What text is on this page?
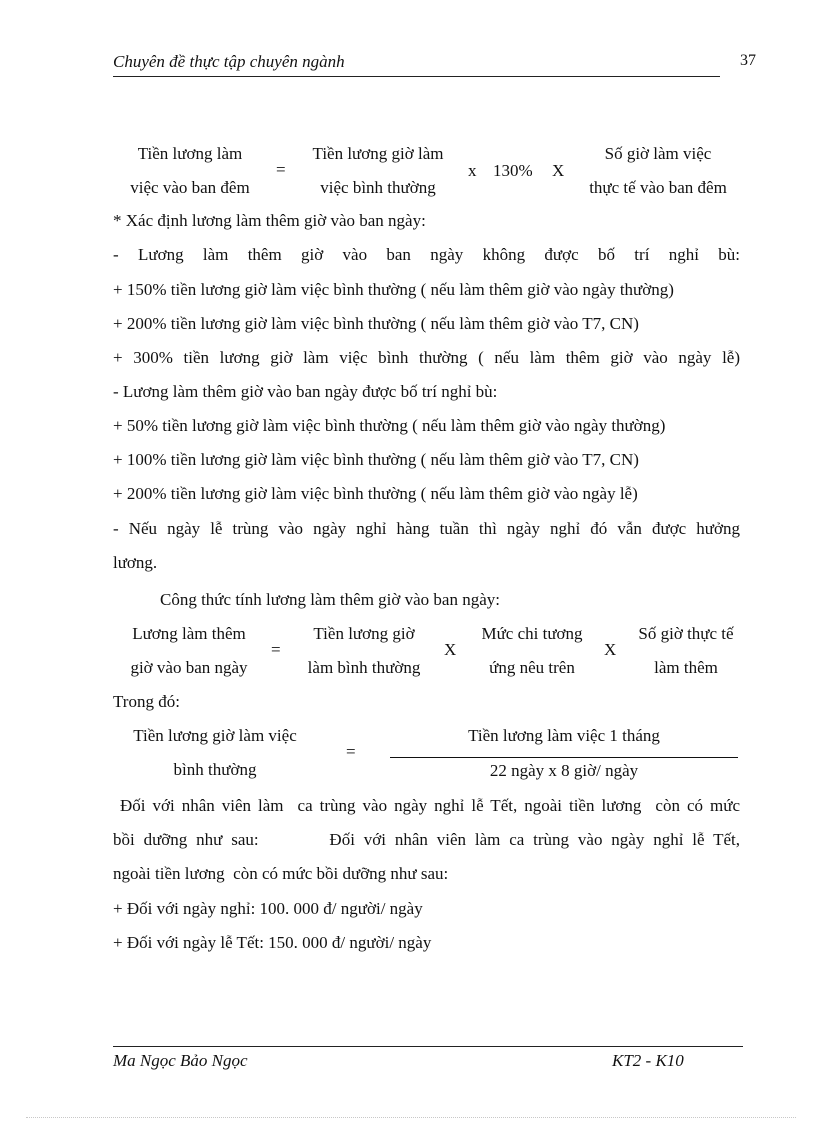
Chuyên đề thực tập chuyên ngành	37
Tiền lương làm
việc vào ban đêm
=
Tiền lương giờ làm
việc bình thường
x 130% X
Số giờ làm việc
thực tế vào ban đêm
* Xác định lương làm thêm giờ vào ban ngày:
- Lương làm thêm giờ vào ban ngày không được bố trí nghỉ bù:
+ 150% tiền lương giờ làm việc bình thường ( nếu làm thêm giờ vào ngày thường)
+ 200% tiền lương giờ làm việc bình thường ( nếu làm thêm giờ vào T7, CN)
+ 300% tiền lương giờ làm việc bình thường ( nếu làm thêm giờ vào ngày lễ)
- Lương làm thêm giờ vào ban ngày được bố trí nghỉ bù:
+ 50% tiền lương giờ làm việc bình thường ( nếu làm thêm giờ vào ngày thường)
+ 100% tiền lương giờ làm việc bình thường ( nếu làm thêm giờ vào T7, CN)
+ 200% tiền lương giờ làm việc bình thường ( nếu làm thêm giờ vào ngày lễ)
- Nếu ngày lễ trùng vào ngày nghỉ hàng tuần thì ngày nghỉ đó vẫn được hưởng
lương.
Công thức tính lương làm thêm giờ vào ban ngày:
Lương làm thêm
giờ vào ban ngày
=
Tiền lương giờ
làm bình thường
X
Mức chi tương
ứng nêu trên
X
Số giờ thực tế
làm thêm
Trong đó:
Tiền lương giờ làm việc
bình thường
=
Tiền lương làm việc 1 tháng
22 ngày x 8 giờ/ ngày
Đối với nhân viên làm  ca trùng vào ngày nghỉ lễ Tết, ngoài tiền lương  còn có mức
bồi dưỡng như sau:        Đối với nhân viên làm ca trùng vào ngày nghỉ lễ Tết,
ngoài tiền lương  còn có mức bồi dưỡng như sau:
+ Đối với ngày nghỉ: 100. 000 đ/ người/ ngày
+ Đối với ngày lễ Tết: 150. 000 đ/ người/ ngày
Ma Ngọc Bảo Ngọc	KT2 - K10
